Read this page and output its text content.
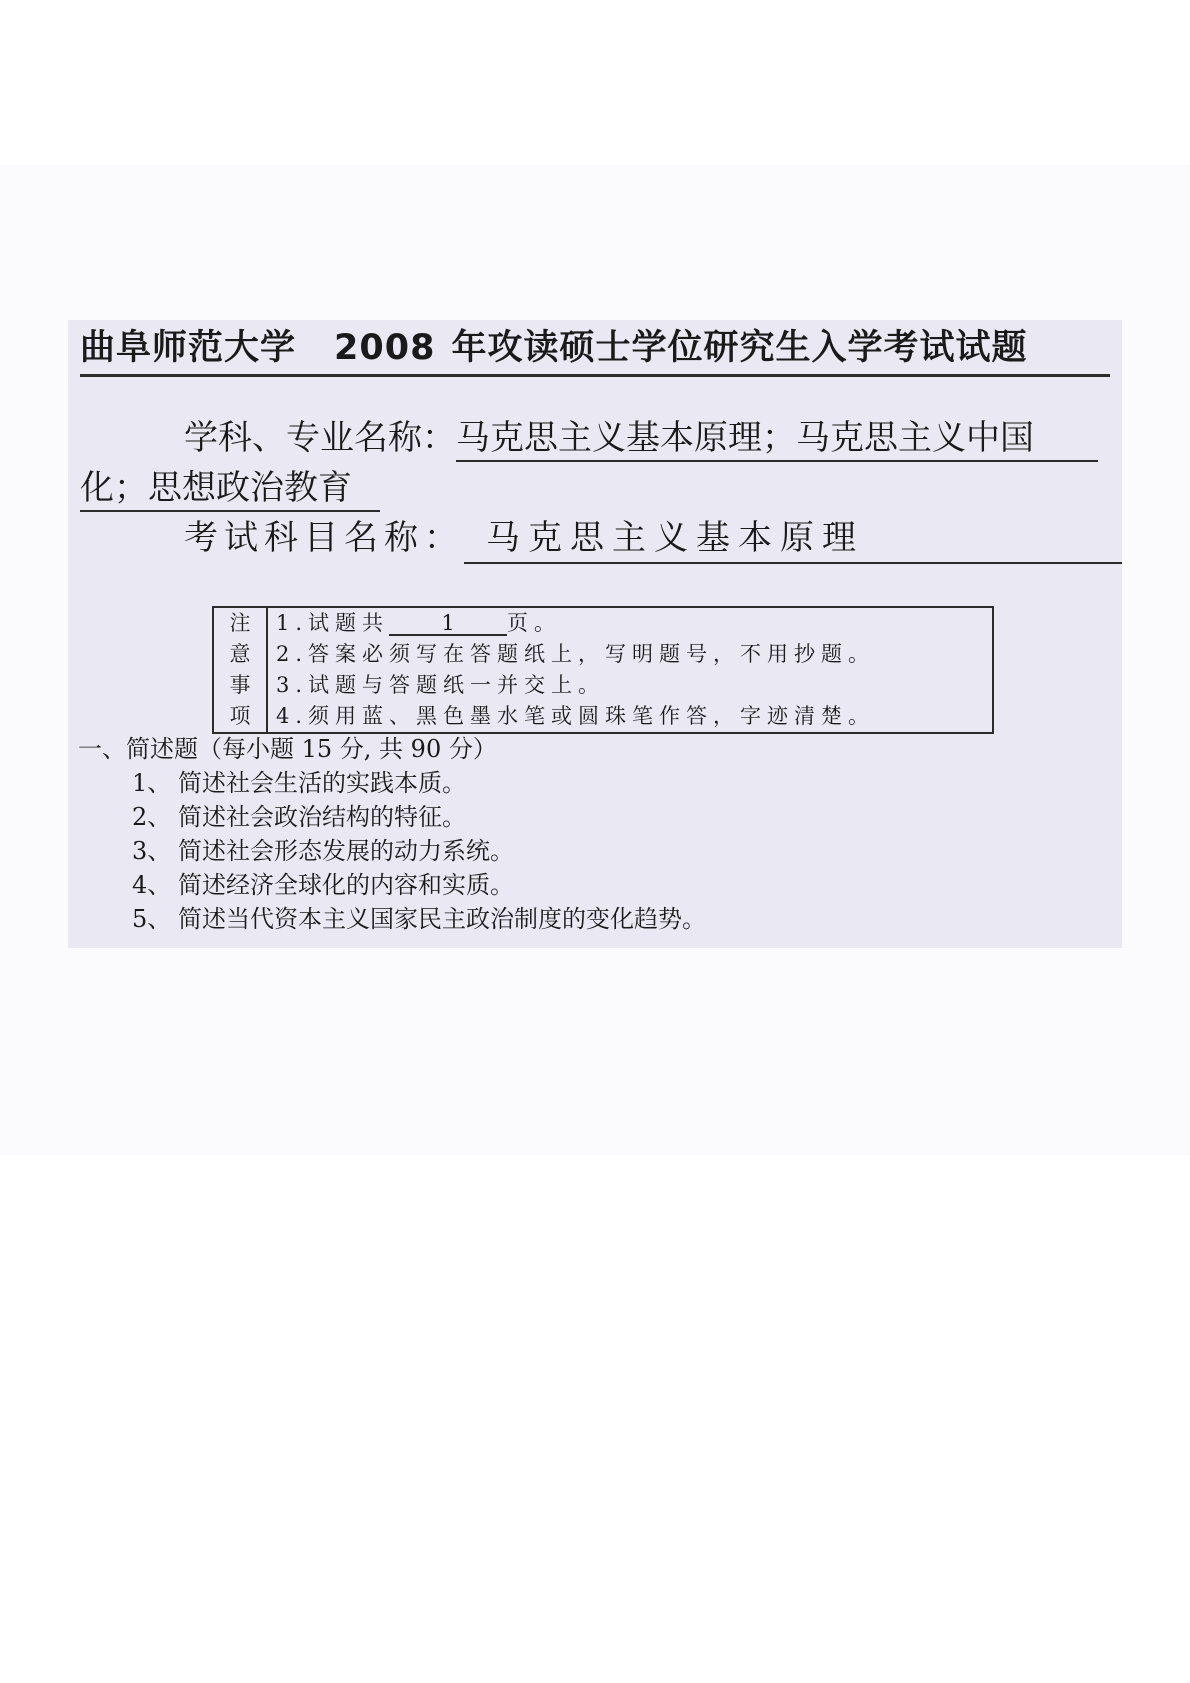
曲阜师范大学 2008 年攻读硕士学位研究生入学考试试题
学科、专业名称：马克思主义基本原理；马克思主义中国
化；思想政治教育
考试科目名称： 马克思主义基本原理
注
意
事
项
1.试题共 1 页。
2.答案必须写在答题纸上，写明题号，不用抄题。
3.试题与答题纸一并交上。
4.须用蓝、黑色墨水笔或圆珠笔作答，字迹清楚。
一、简述题（每小题 15 分, 共 90 分）
1、 简述社会生活的实践本质。
2、 简述社会政治结构的特征。
3、 简述社会形态发展的动力系统。
4、 简述经济全球化的内容和实质。
5、 简述当代资本主义国家民主政治制度的变化趋势。
